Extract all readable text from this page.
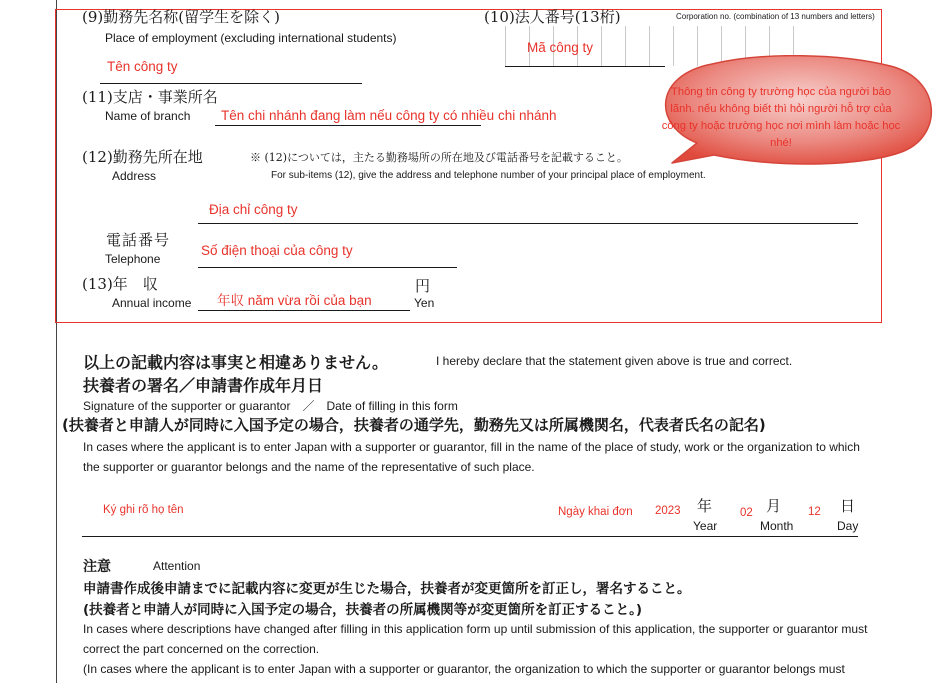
(9)勤務先名称(留学生を除く)
Place of employment (excluding international students)
Tên công ty
(10)法人番号(13桁)	Corporation no. (combination of 13 numbers and letters)
Mã công ty
(11)支店・事業所名
Name of branch Tên chi nhánh đang làm nếu công ty có nhiều chi nhánh
(12)勤務先所在地
Address
※ (12)については，主たる勤務場所の所在地及び電話番号を記載すること。
For sub-items (12), give the address and telephone number of your principal place of employment.
Địa chỉ công ty
電話番号
Telephone
Số điện thoại của công ty
(13)年　収
Annual income 年収 năm vừa rồi của bạn
円
Yen
Thông tin công ty trường học của người bảo lãnh. nếu không biết thì hỏi người hỗ trợ của công ty hoặc trường học nơi mình làm hoặc học nhé!
以上の記載内容は事実と相違ありません。	I hereby declare that the statement given above is true and correct.
扶養者の署名／申請書作成年月日
Signature of the supporter or guarantor　／　Date of filling in this form
(扶養者と申請人が同時に入国予定の場合，扶養者の通学先，勤務先又は所属機関名，代表者氏名の記名)
In cases where the applicant is to enter Japan with a supporter or guarantor, fill in the name of the place of study, work or the organization to which
the supporter or guarantor belongs and the name of the representative of such place.
Ký ghi rõ họ tên	Ngày khai đơn 2023 年
Year
02 月
Month
12 日
Day
注意	Attention
申請書作成後申請までに記載内容に変更が生じた場合，扶養者が変更箇所を訂正し，署名すること。
(扶養者と申請人が同時に入国予定の場合，扶養者の所属機関等が変更箇所を訂正すること。)
In cases where descriptions have changed after filling in this application form up until submission of this application, the supporter or guarantor must
correct the part concerned on the correction.
(In cases where the applicant is to enter Japan with a supporter or guarantor, the organization to which the supporter or guarantor belongs must
